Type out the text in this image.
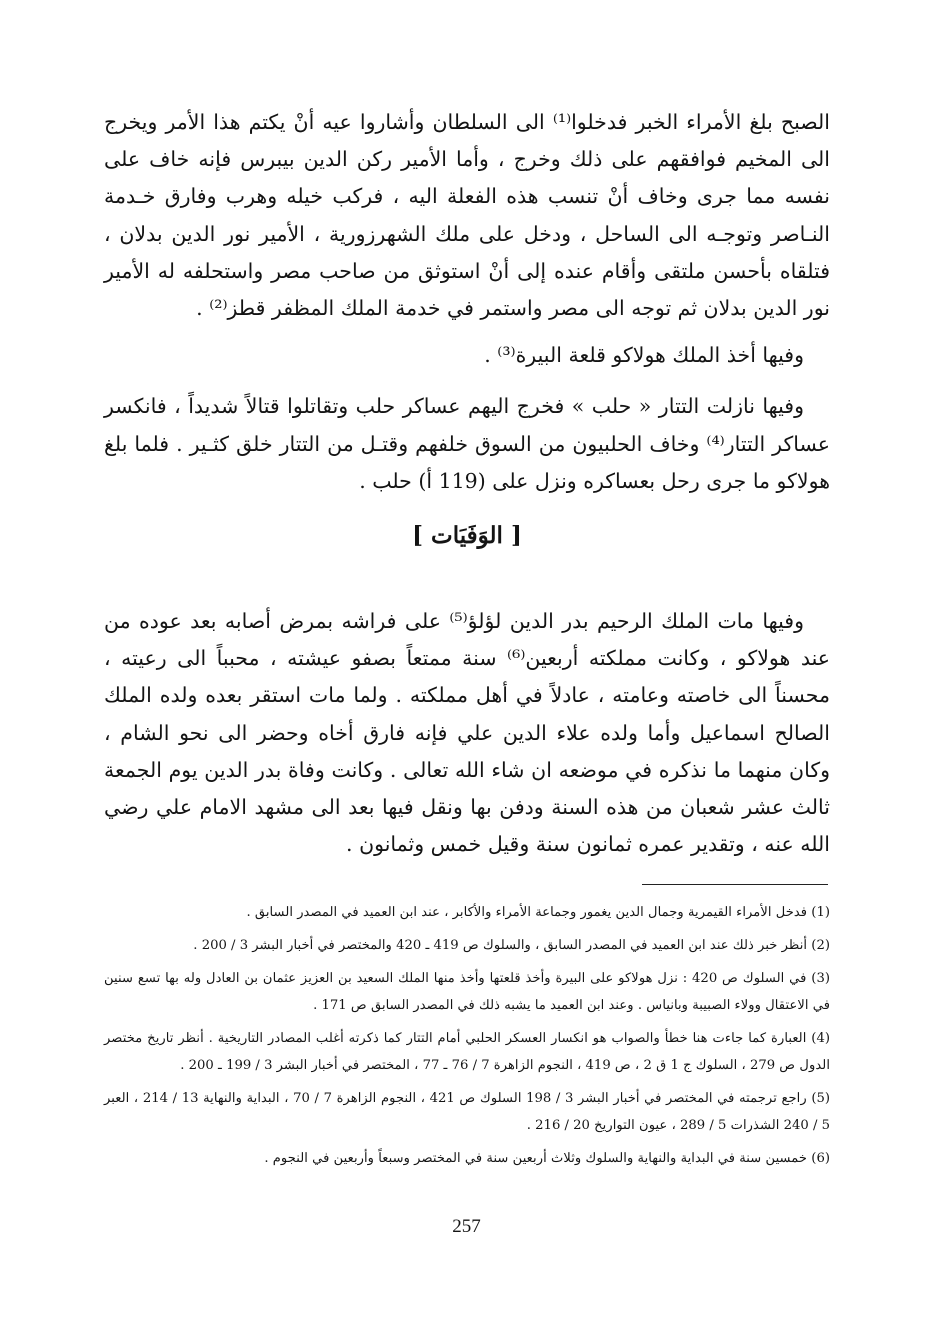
الصبح بلغ الأمراء الخبر فدخلوا⁽¹⁾ الى السلطان وأشاروا عيه أنْ يكتم هذا الأمر ويخرج الى المخيم فوافقهم على ذلك وخرج ، وأما الأمير ركن الدين بيبرس فإنه خاف على نفسه مما جرى وخاف أنْ تنسب هذه الفعلة اليه ، فركب خيله وهرب وفارق خـدمة النـاصر وتوجـه الى الساحل ، ودخل على ملك الشهرزورية ، الأمير نور الدين بدلان ، فتلقاه بأحسن ملتقى وأقام عنده إلى أنْ استوثق من صاحب مصر واستحلفه له الأمير نور الدين بدلان ثم توجه الى مصر واستمر في خدمة الملك المظفر قطز⁽²⁾ .

وفيها أخذ الملك هولاكو قلعة البيرة⁽³⁾ .

وفيها نازلت التتار « حلب » فخرج اليهم عساكر حلب وتقاتلوا قتالاً شديداً ، فانكسر عساكر التتار⁽⁴⁾ وخاف الحلبيون من السوق خلفهم وقتـل من التتار خلق كثـير . فلما بلغ هولاكو ما جرى رحل بعساكره ونزل على (119 أ) حلب .

[ الوَفَيَات ]

وفيها مات الملك الرحيم بدر الدين لؤلؤ⁽⁵⁾ على فراشه بمرض أصابه بعد عوده من عند هولاكو ، وكانت مملكته أربعين⁽⁶⁾ سنة ممتعاً بصفو عيشته ، محبباً الى رعيته ، محسناً الى خاصته وعامته ، عادلاً في أهل مملكته . ولما مات استقر بعده ولده الملك الصالح اسماعيل وأما ولده علاء الدين علي فإنه فارق أخاه وحضر الى نحو الشام ، وكان منهما ما نذكره في موضعه ان شاء الله تعالى . وكانت وفاة بدر الدين يوم الجمعة ثالث عشر شعبان من هذه السنة ودفن بها ونقل فيها بعد الى مشهد الامام علي رضي الله عنه ، وتقدير عمره ثمانون سنة وقيل خمس وثمانون .

(1) فدخل الأمراء القيمرية وجمال الدين يغمور وجماعة الأمراء والأكابر ، عند ابن العميد في المصدر السابق .

(2) أنظر خبر ذلك عند ابن العميد في المصدر السابق ، والسلوك ص 419 ـ 420 والمختصر في أخبار البشر 3 / 200 .

(3) في السلوك ص 420 : نزل هولاكو على البيرة وأخذ قلعتها وأخذ منها الملك السعيد بن العزيز عثمان بن العادل وله بها تسع سنين في الاعتقال وولاء الصبيبة وبانياس . وعند ابن العميد ما يشبه ذلك في المصدر السابق ص 171 .

(4) العبارة كما جاءت هنا خطأ والصواب هو انكسار العسكر الحلبي أمام التتار كما ذكرته أغلب المصادر التاريخية . أنظر تاريخ مختصر الدول ص 279 ، السلوك ج 1 ق 2 ، ص 419 ، النجوم الزاهرة 7 / 76 ـ 77 ، المختصر في أخبار البشر 3 / 199 ـ 200 .

(5) راجع ترجمته في المختصر في أخبار البشر 3 / 198 السلوك ص 421 ، النجوم الزاهرة 7 / 70 ، البداية والنهاية 13 / 214 ، العبر 5 / 240 الشذرات 5 / 289 ، عيون التواريخ 20 / 216 .

(6) خمسين سنة في البداية والنهاية والسلوك وثلاث أربعين سنة في المختصر وسبعاً وأربعين في النجوم .

257
